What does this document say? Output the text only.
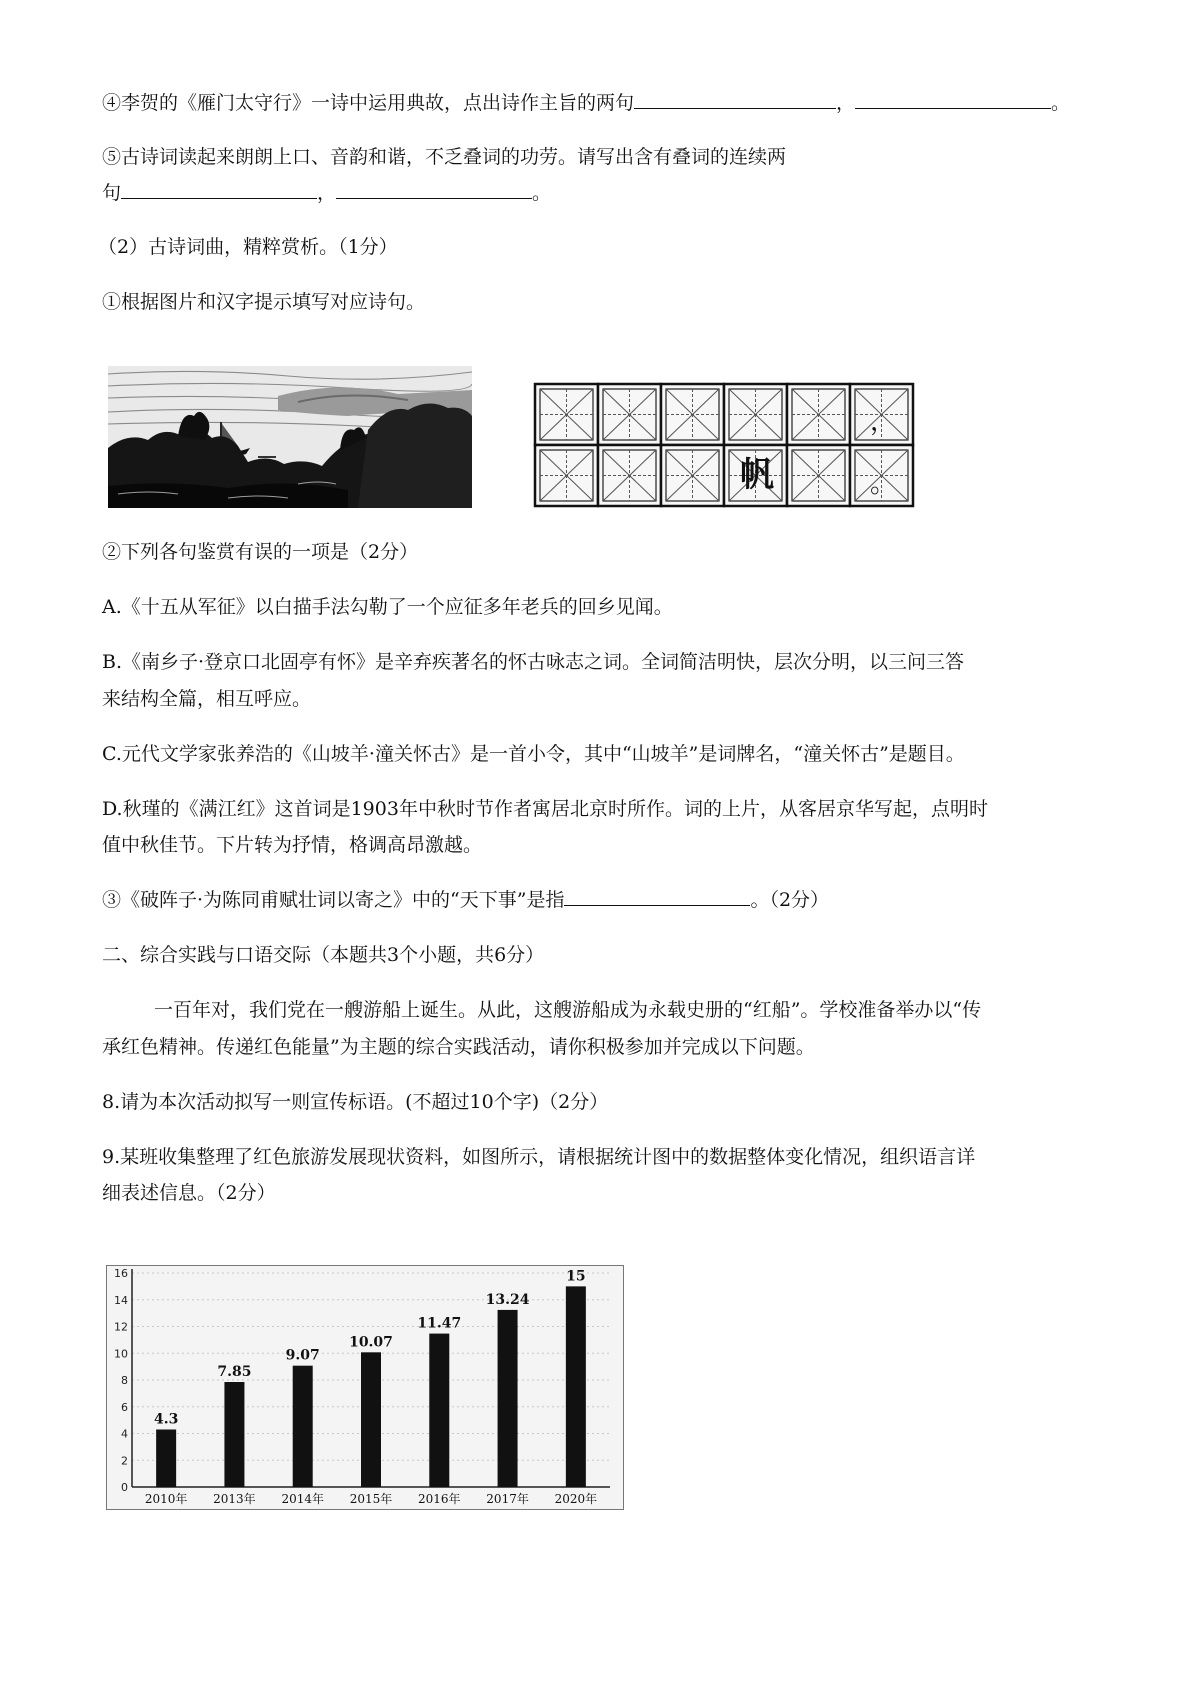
④李贺的《雁门太守行》一诗中运用典故，点出诗作主旨的两句	，	。
⑤古诗词读起来朗朗上口、音韵和谐，不乏叠词的功劳。请写出含有叠词的连续两
句	，	。
（2）古诗词曲，精粹赏析。（1分）
①根据图片和汉字提示填写对应诗句。
，
帆	。
②下列各句鉴赏有误的一项是（2分）
A.《十五从军征》以白描手法勾勒了一个应征多年老兵的回乡见闻。
B.《南乡子·登京口北固亭有怀》是辛弃疾著名的怀古咏志之词。全词简洁明快，层次分明，以三问三答
来结构全篇，相互呼应。
C.元代文学家张养浩的《山坡羊·潼关怀古》是一首小令，其中“山坡羊”是词牌名，“潼关怀古”是题目。
D.秋瑾的《满江红》这首词是1903年中秋时节作者寓居北京时所作。词的上片，从客居京华写起，点明时
值中秋佳节。下片转为抒情，格调高昂激越。
③《破阵子·为陈同甫赋壮词以寄之》中的“天下事”是指	。（2分）
二、综合实践与口语交际（本题共3个小题，共6分）
一百年对，我们党在一艘游船上诞生。从此，这艘游船成为永载史册的“红船”。学校准备举办以“传
承红色精神。传递红色能量”为主题的综合实践活动，请你积极参加并完成以下问题。
8.请为本次活动拟写一则宣传标语。(不超过10个字)（2分）
9.某班收集整理了红色旅游发展现状资料，如图所示，请根据统计图中的数据整体变化情况，组织语言详
细表述信息。（2分）
4.3
7.85
9.07
10.07
11.47
13.24
15
0
2
4
6
8
10
12
14
16
2010年 2013年 2014年 2015年 2016年 2017年 2020年
